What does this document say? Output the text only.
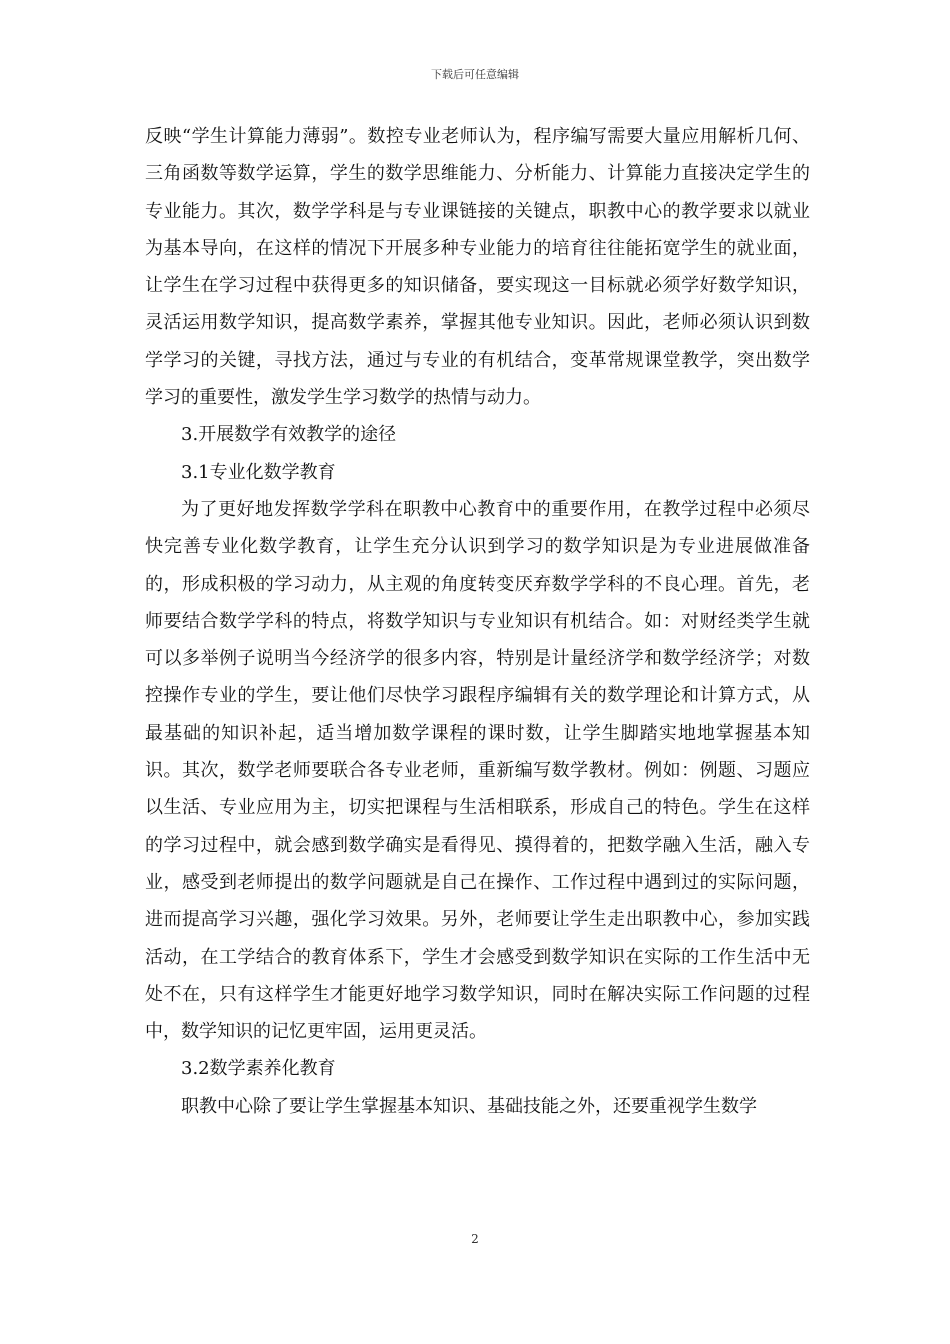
下载后可任意编辑

反映“学生计算能力薄弱”。数控专业老师认为，程序编写需要大量应用解析几何、三角函数等数学运算，学生的数学思维能力、分析能力、计算能力直接决定学生的专业能力。其次，数学学科是与专业课链接的关键点，职教中心的教学要求以就业为基本导向，在这样的情况下开展多种专业能力的培育往往能拓宽学生的就业面，让学生在学习过程中获得更多的知识储备，要实现这一目标就必须学好数学知识，灵活运用数学知识，提高数学素养，掌握其他专业知识。因此，老师必须认识到数学学习的关键，寻找方法，通过与专业的有机结合，变革常规课堂教学，突出数学学习的重要性，激发学生学习数学的热情与动力。

3.开展数学有效教学的途径

3.1专业化数学教育

为了更好地发挥数学学科在职教中心教育中的重要作用，在教学过程中必须尽快完善专业化数学教育，让学生充分认识到学习的数学知识是为专业进展做准备的，形成积极的学习动力，从主观的角度转变厌弃数学学科的不良心理。首先，老师要结合数学学科的特点，将数学知识与专业知识有机结合。如：对财经类学生就可以多举例子说明当今经济学的很多内容，特别是计量经济学和数学经济学；对数控操作专业的学生，要让他们尽快学习跟程序编辑有关的数学理论和计算方式，从最基础的知识补起，适当增加数学课程的课时数，让学生脚踏实地地掌握基本知识。其次，数学老师要联合各专业老师，重新编写数学教材。例如：例题、习题应以生活、专业应用为主，切实把课程与生活相联系，形成自己的特色。学生在这样的学习过程中，就会感到数学确实是看得见、摸得着的，把数学融入生活，融入专业，感受到老师提出的数学问题就是自己在操作、工作过程中遇到过的实际问题，进而提高学习兴趣，强化学习效果。另外，老师要让学生走出职教中心，参加实践活动，在工学结合的教育体系下，学生才会感受到数学知识在实际的工作生活中无处不在，只有这样学生才能更好地学习数学知识，同时在解决实际工作问题的过程中，数学知识的记忆更牢固，运用更灵活。

3.2数学素养化教育

职教中心除了要让学生掌握基本知识、基础技能之外，还要重视学生数学

2
